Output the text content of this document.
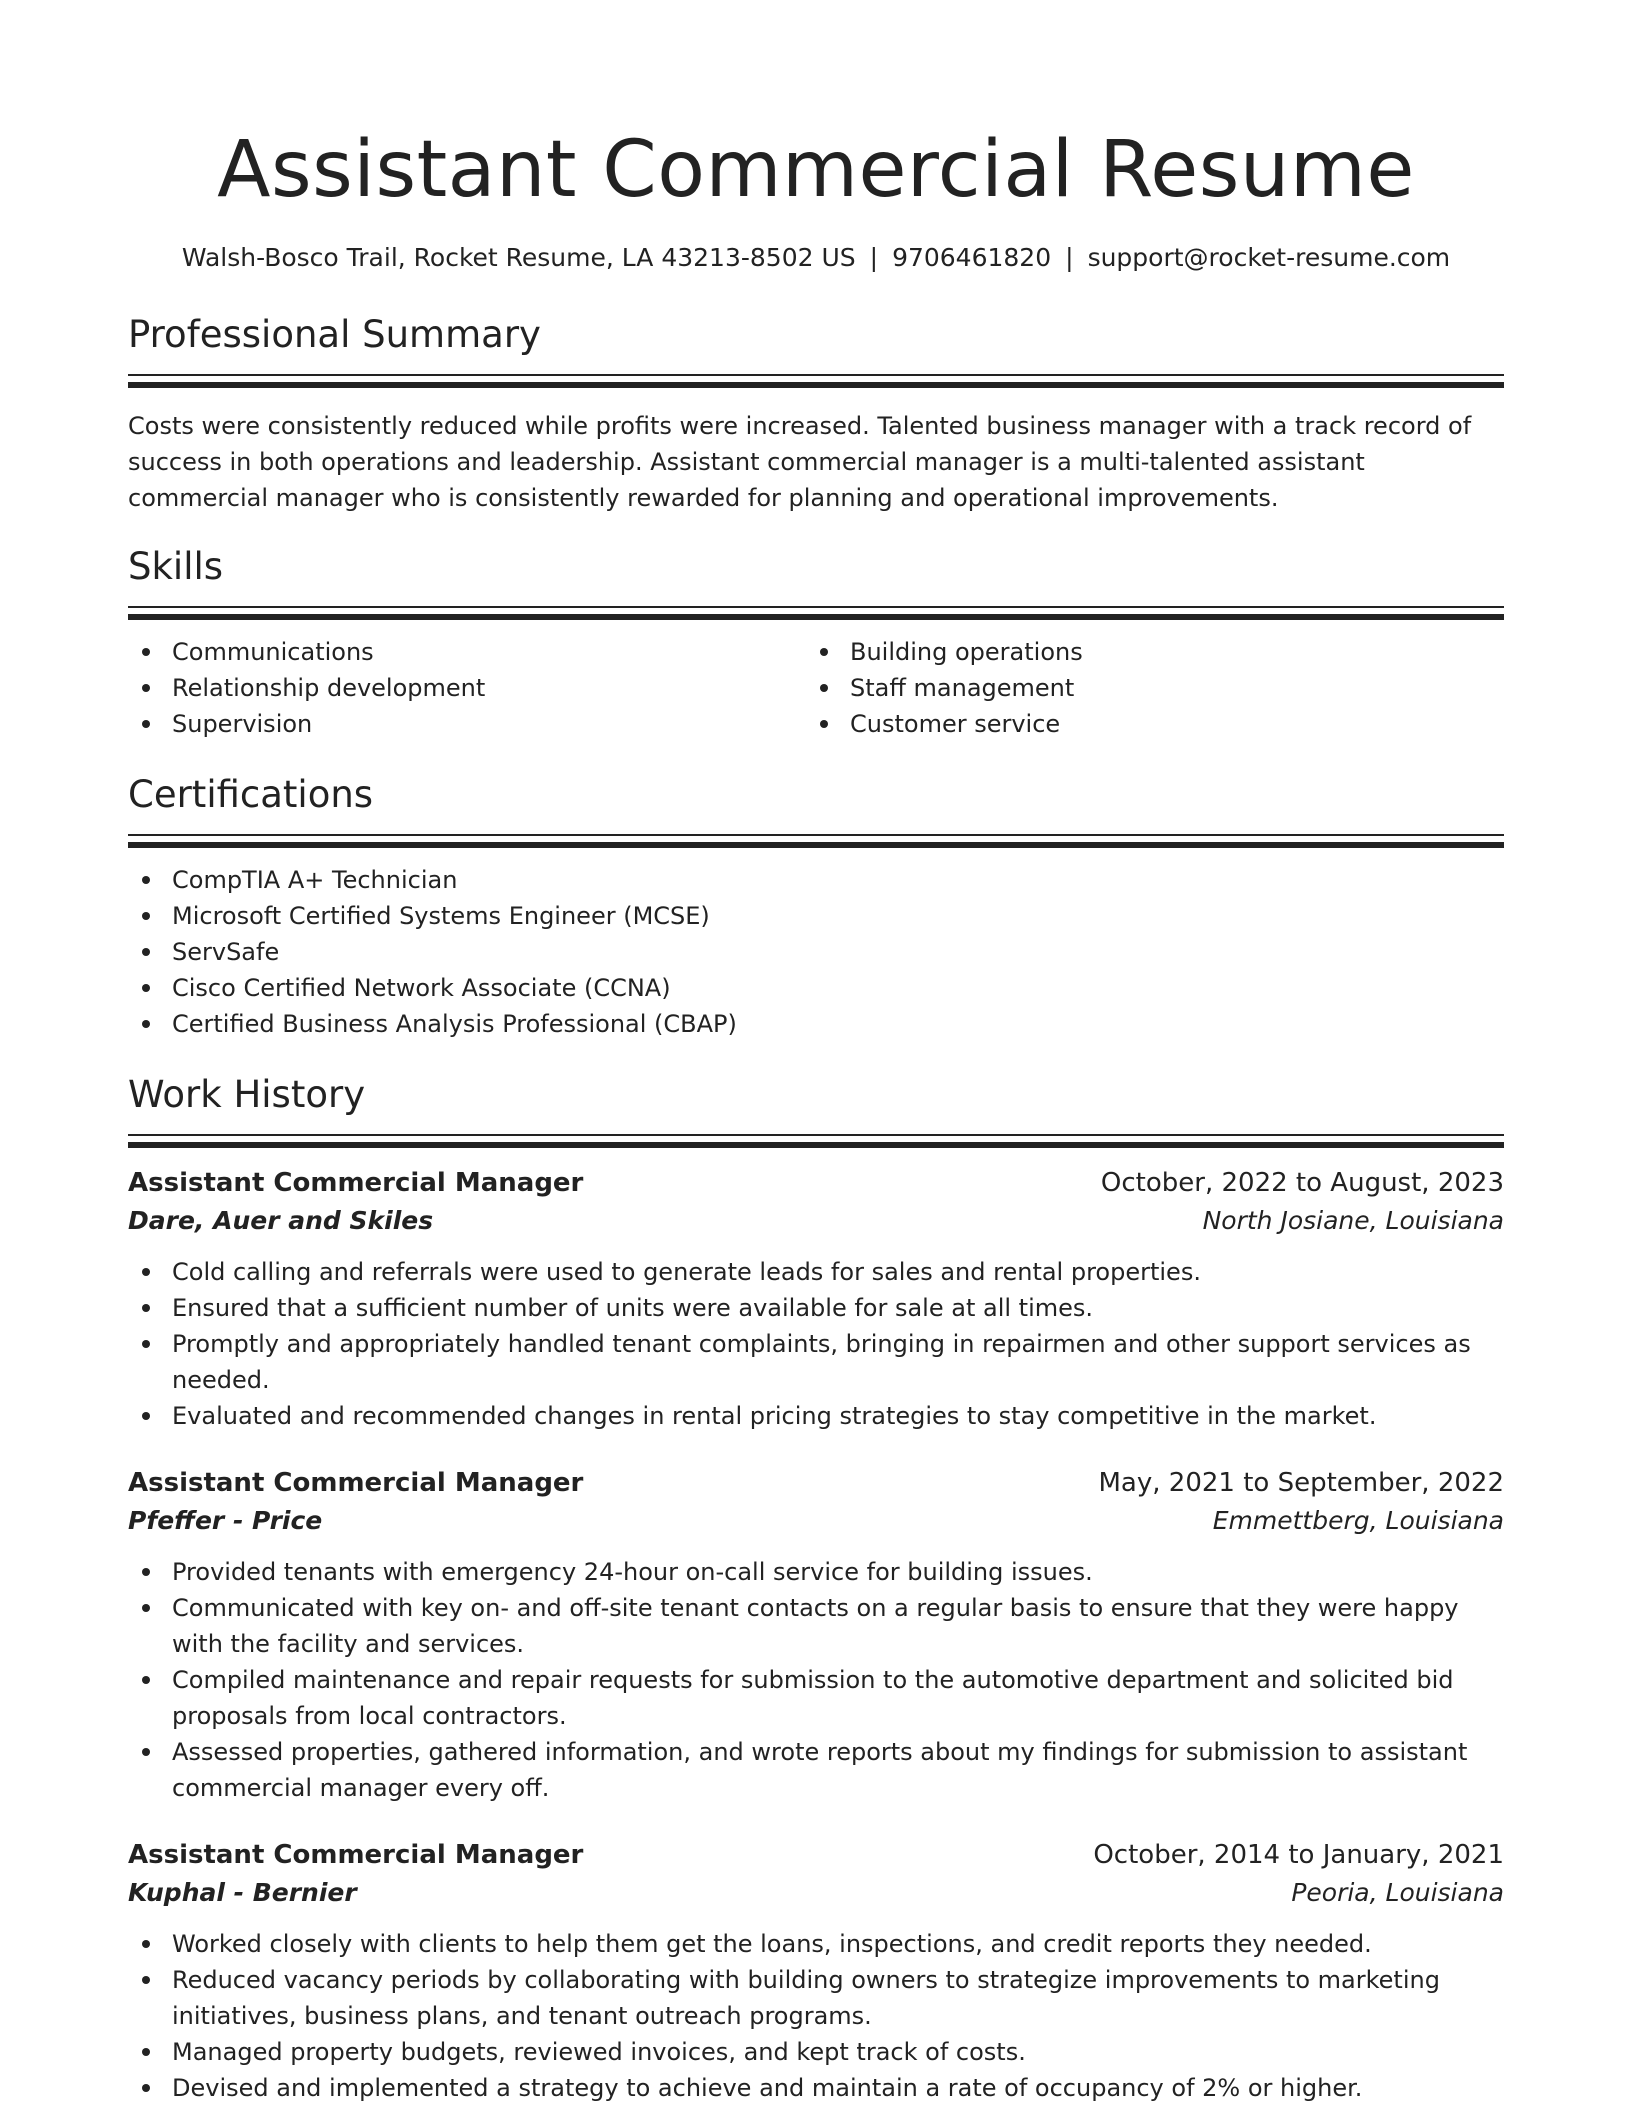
Assistant Commercial Resume
Walsh-Bosco Trail, Rocket Resume, LA 43213-8502 US | 9706461820 | support@rocket-resume.com
Professional Summary

Costs were consistently reduced while profits were increased. Talented business manager with a track record of success in both operations and leadership. Assistant commercial manager is a multi-talented assistant commercial manager who is consistently rewarded for planning and operational improvements.

Skills
Communications
Relationship development
Supervision
Building operations
Staff management
Customer service
Certifications
CompTIA A+ Technician
Microsoft Certified Systems Engineer (MCSE)
ServSafe
Cisco Certified Network Associate (CCNA)
Certified Business Analysis Professional (CBAP)
Work History
Assistant Commercial Manager	October, 2022 to August, 2023
Dare, Auer and Skiles	North Josiane, Louisiana
Cold calling and referrals were used to generate leads for sales and rental properties.
Ensured that a sufficient number of units were available for sale at all times.
Promptly and appropriately handled tenant complaints, bringing in repairmen and other support services as needed.
Evaluated and recommended changes in rental pricing strategies to stay competitive in the market.
Assistant Commercial Manager	May, 2021 to September, 2022
Pfeffer - Price	Emmettberg, Louisiana
Provided tenants with emergency 24-hour on-call service for building issues.
Communicated with key on- and off-site tenant contacts on a regular basis to ensure that they were happy with the facility and services.
Compiled maintenance and repair requests for submission to the automotive department and solicited bid proposals from local contractors.
Assessed properties, gathered information, and wrote reports about my findings for submission to assistant commercial manager every off.
Assistant Commercial Manager	October, 2014 to January, 2021
Kuphal - Bernier	Peoria, Louisiana
Worked closely with clients to help them get the loans, inspections, and credit reports they needed.
Reduced vacancy periods by collaborating with building owners to strategize improvements to marketing initiatives, business plans, and tenant outreach programs.
Managed property budgets, reviewed invoices, and kept track of costs.
Devised and implemented a strategy to achieve and maintain a rate of occupancy of 2% or higher.
